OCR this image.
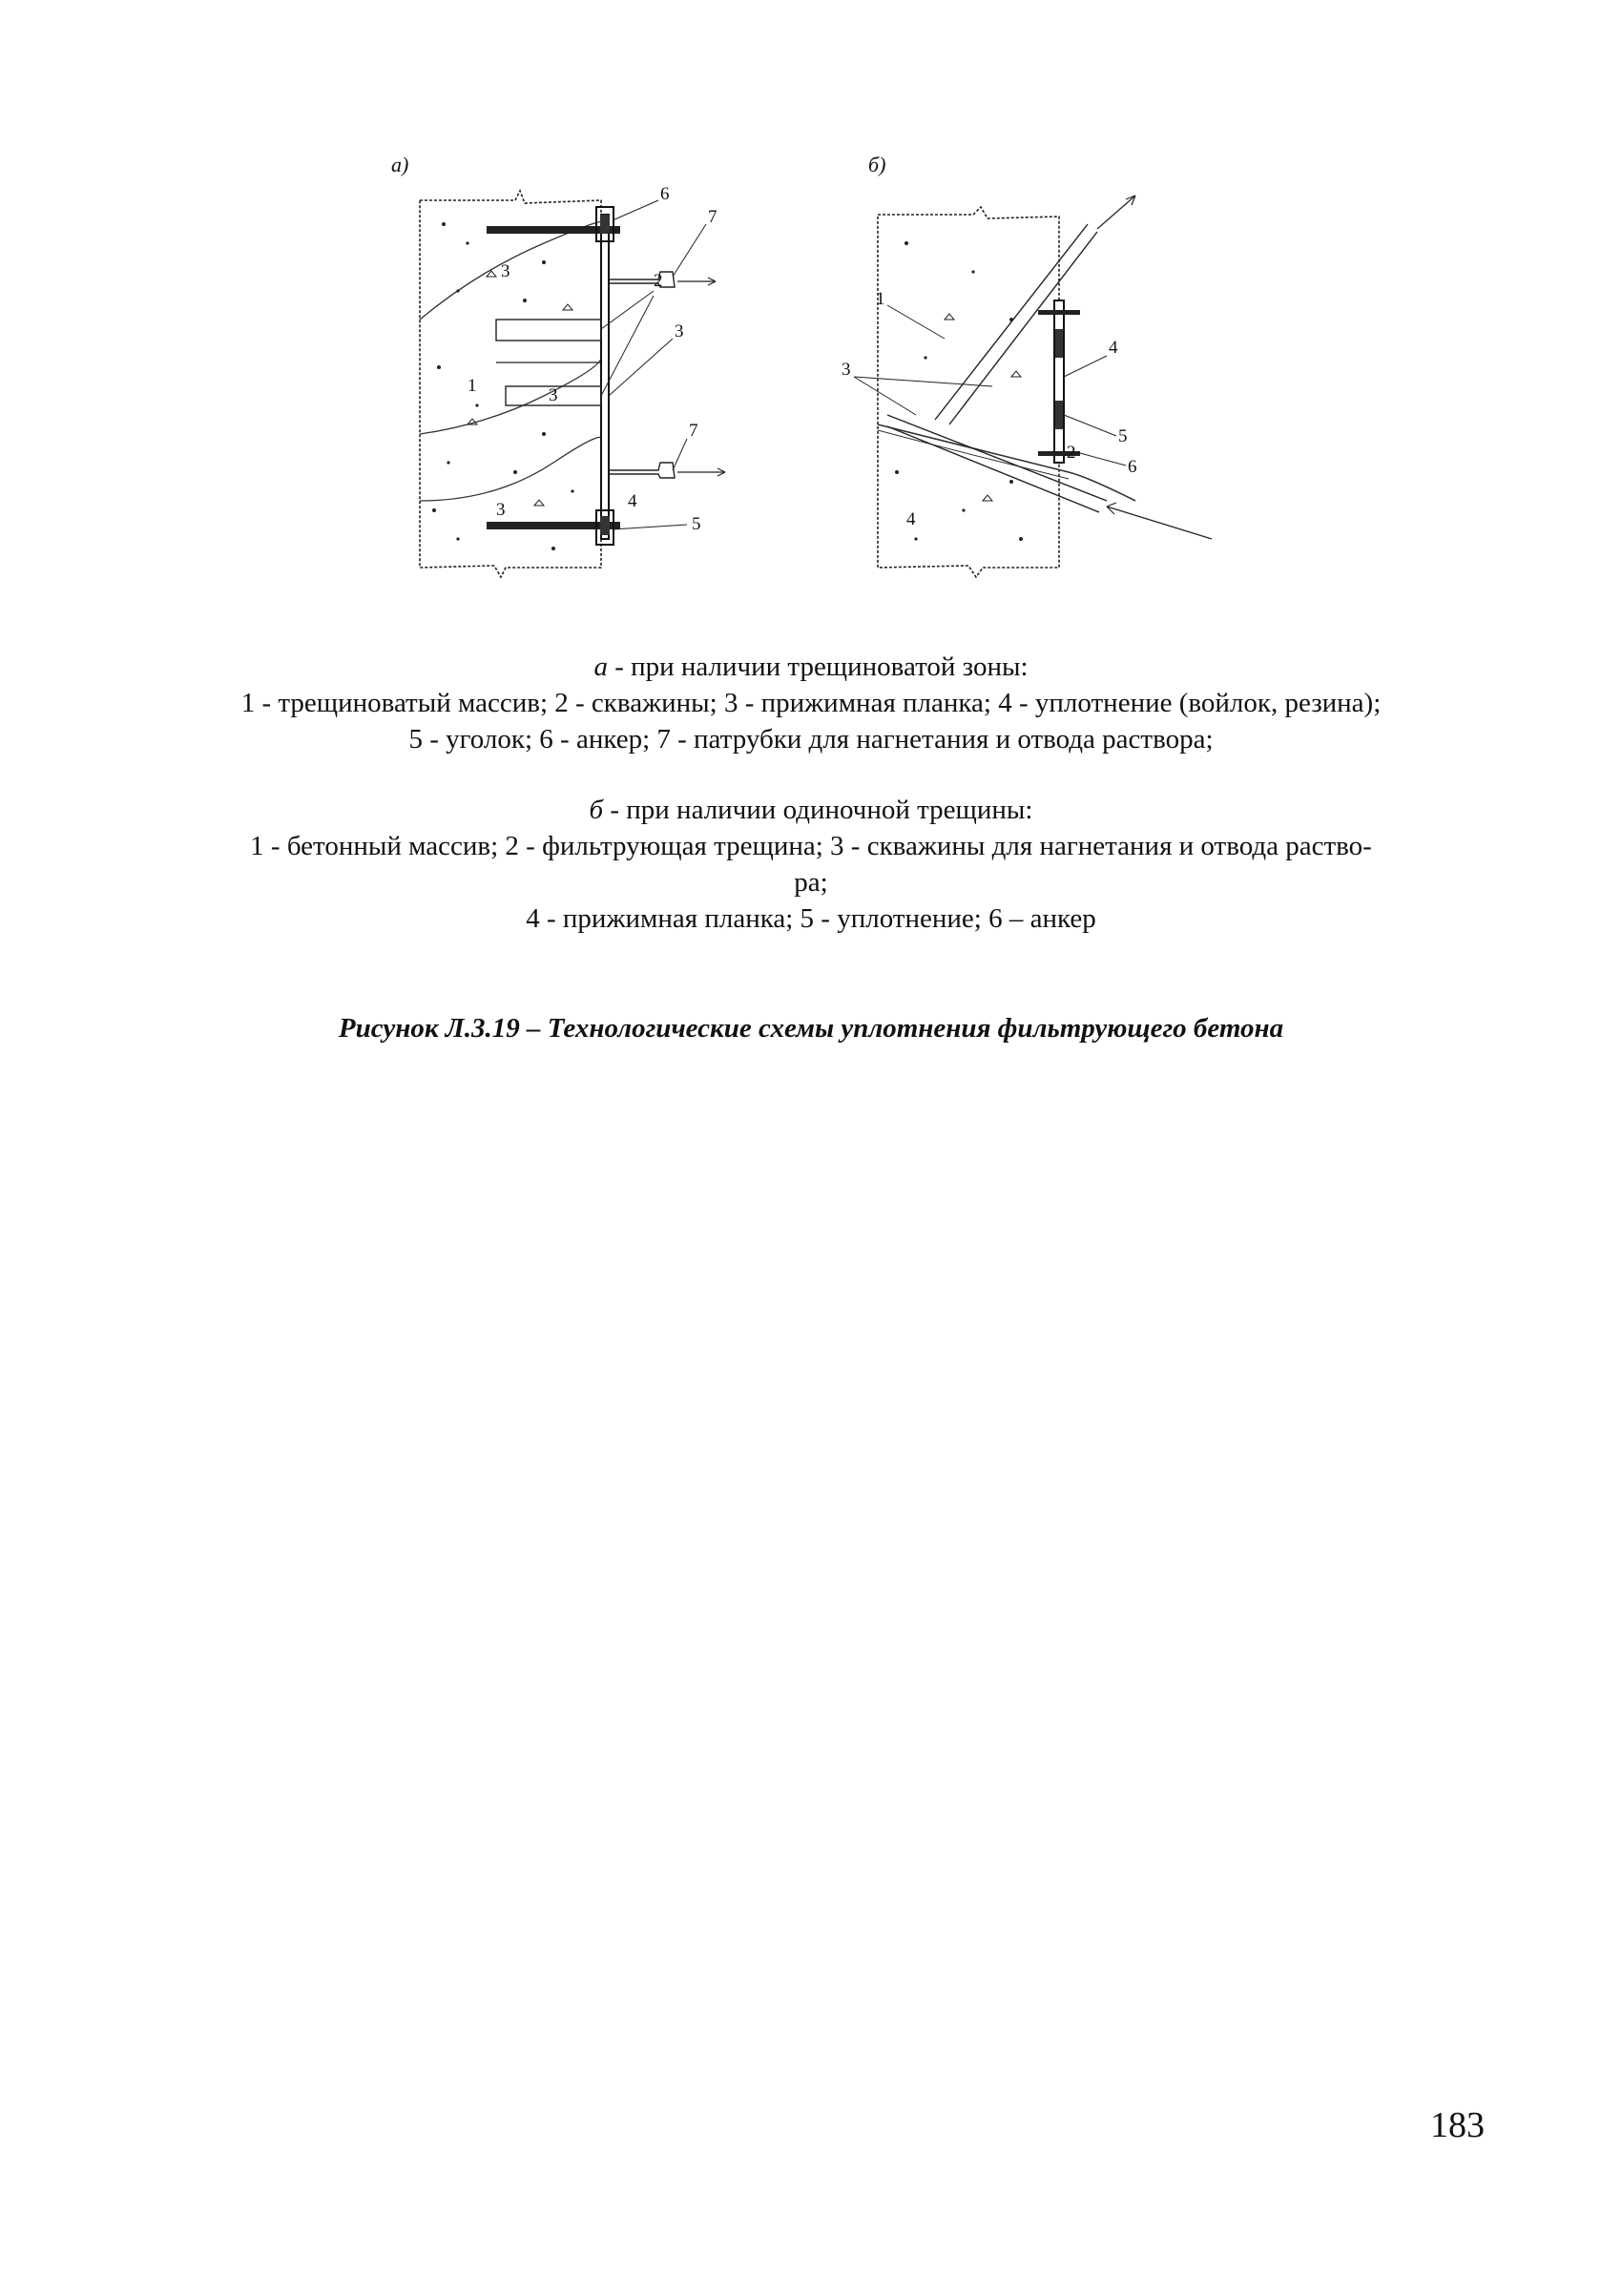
а)	б)
3
3
1
3
6
7
2
3
7
4
5	4
1
3
4
5
6
2

а - при наличии трещиноватой зоны:

1 - трещиноватый массив; 2 - скважины; 3 - прижимная планка; 4 - уплотнение (войлок, резина);

5 - уголок; 6 - анкер; 7 - патрубки для нагнетания и отвода раствора;

б - при наличии одиночной трещины:

1 - бетонный массив; 2 - фильтрующая трещина; 3 - скважины для нагнетания и отвода раство-

ра;

4 - прижимная планка; 5 - уплотнение; 6 – анкер

Рисунок Л.3.19 – Технологические схемы уплотнения фильтрующего бетона
183
